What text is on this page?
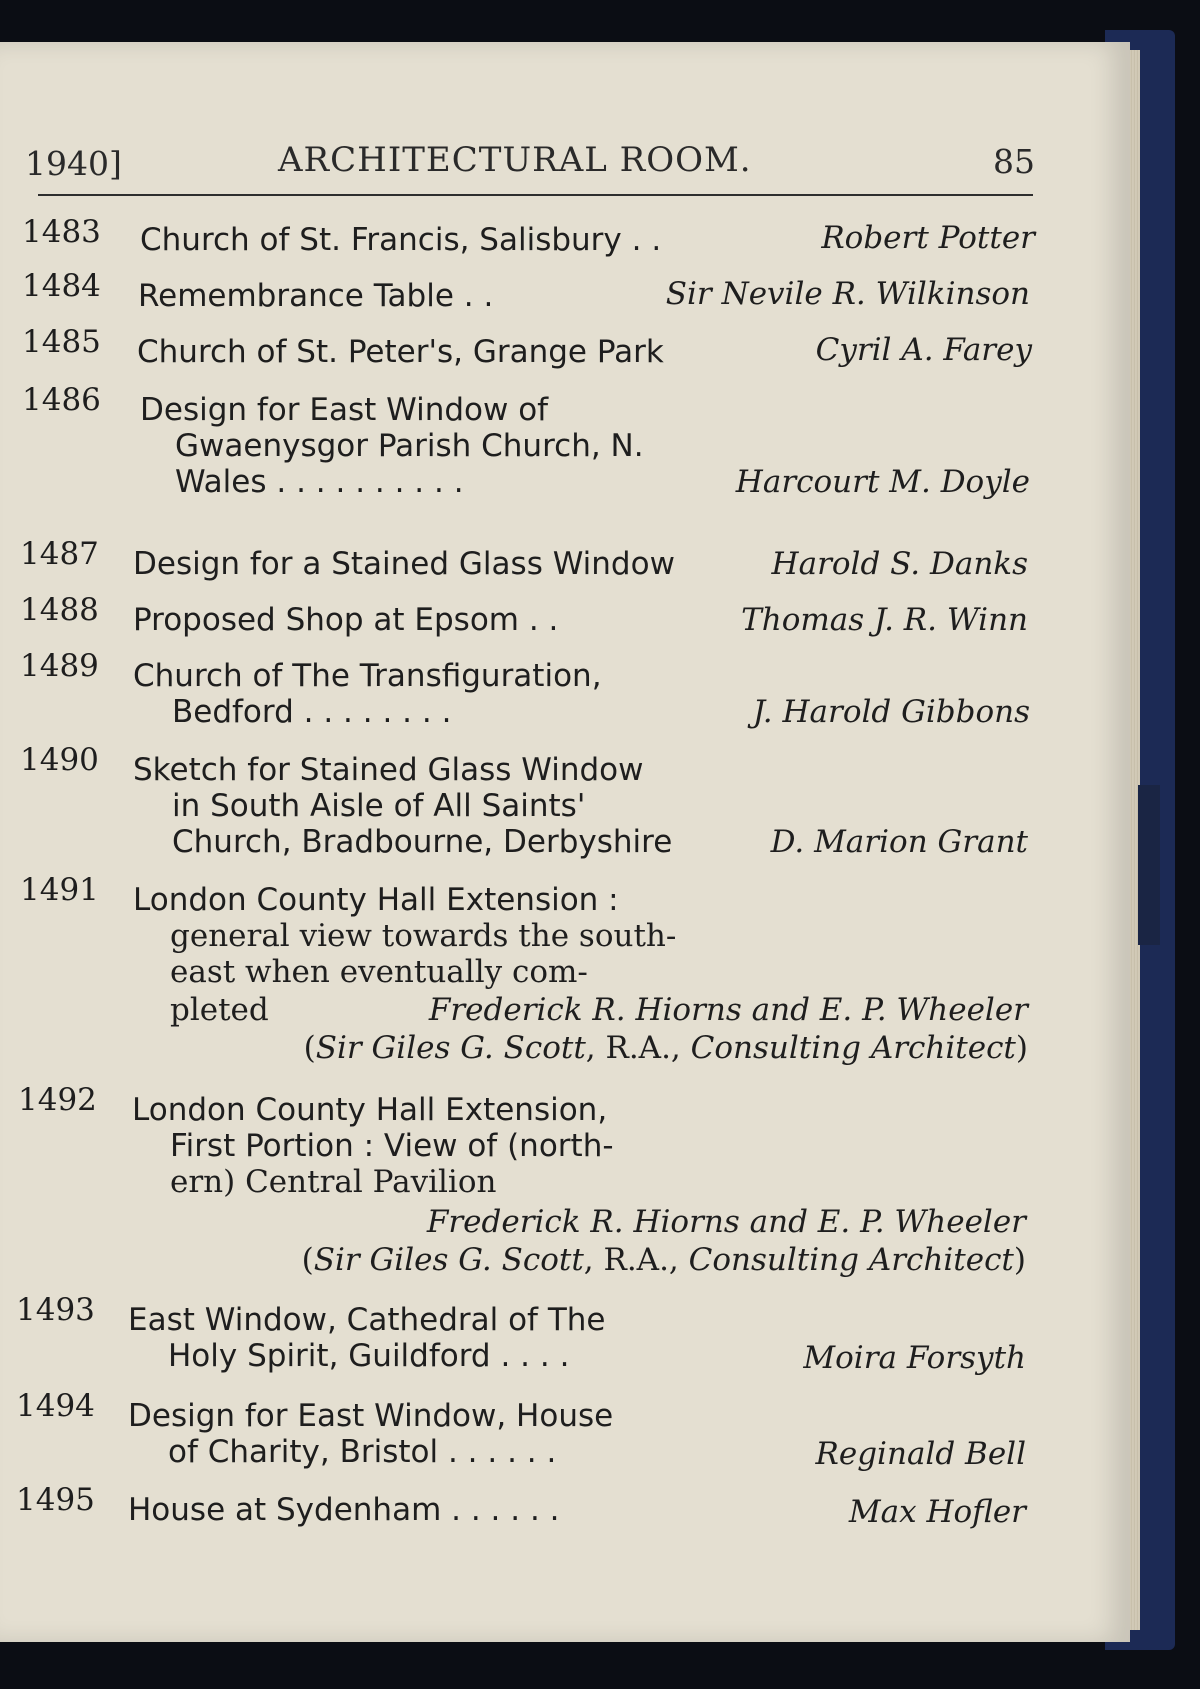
1940]	ARCHITECTURAL ROOM.	85
1483 Church of St. Francis, Salisbury . .	Robert Potter
1484 Remembrance Table . .	Sir Nevile R. Wilkinson
1485 Church of St. Peter's, Grange Park	Cyril A. Farey
1486 Design for East Window of
Gwaenysgor Parish Church, N.
Wales . . . . . . . . . .	Harcourt M. Doyle
1487 Design for a Stained Glass Window	Harold S. Danks
1488 Proposed Shop at Epsom . .	Thomas J. R. Winn
1489 Church of The Transfiguration,
Bedford . . . . . . . .	J. Harold Gibbons
1490 Sketch for Stained Glass Window
in South Aisle of All Saints'
Church, Bradbourne, Derbyshire	D. Marion Grant
1491 London County Hall Extension :
general view towards the south-
east when eventually com-
pleted	Frederick R. Hiorns and E. P. Wheeler
(Sir Giles G. Scott, R.A., Consulting Architect)
1492 London County Hall Extension,
First Portion : View of (north-
ern) Central Pavilion
Frederick R. Hiorns and E. P. Wheeler
(Sir Giles G. Scott, R.A., Consulting Architect)
1493 East Window, Cathedral of The
Holy Spirit, Guildford . . . .	Moira Forsyth
1494 Design for East Window, House
of Charity, Bristol . . . . . .	Reginald Bell
1495 House at Sydenham . . . . . .	Max Hofler
